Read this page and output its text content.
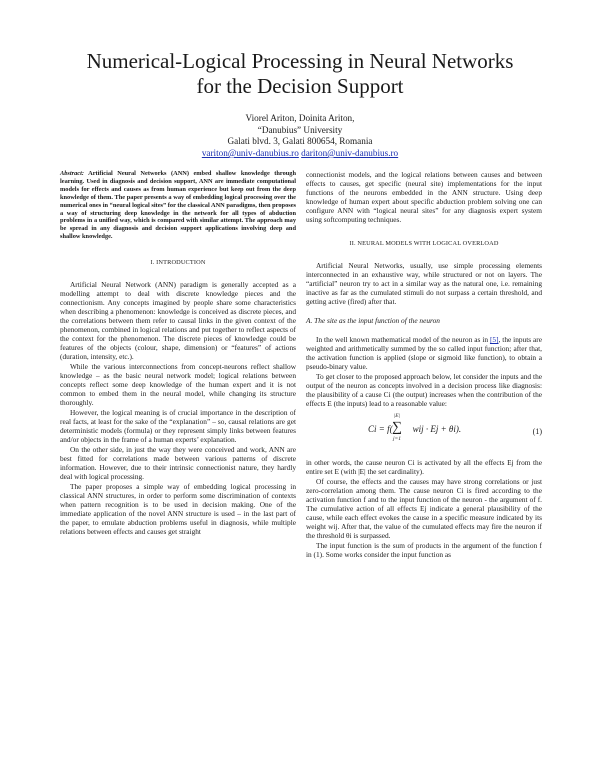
Numerical-Logical Processing in Neural Networks
for the Decision Support
Viorel Ariton, Doinita Ariton,
“Danubius” University
Galati blvd. 3, Galati 800654, Romania
variton@univ-danubius.ro dariton@univ-danubius.ro

Abstract: Artificial Neural Networks (ANN) embed shallow knowledge through learning. Used in diagnosis and decision support, ANN are immediate computational models for effects and causes as from human experience but keep out from the deep knowledge of them. The paper presents a way of embedding logical processing over the numerical ones in “neural logical sites” for the classical ANN paradigms, then proposes a way of structuring deep knowledge in the network for all types of abduction problems in a unified way, which is compared with similar attempt. The approach may be spread in any diagnosis and decision support applications involving deep and shallow knowledge.

I. INTRODUCTION

Artificial Neural Network (ANN) paradigm is generally accepted as a modelling attempt to deal with discrete knowledge pieces and the connectionism. Any concepts imagined by people share some characteristics when describing a phenomenon: knowledge is conceived as discrete pieces, and the correlations between them refer to causal links in the given context of the phenomenon, combined in logical relations and put together to reflect aspects of the context for the phenomenon. The discrete pieces of knowledge could be features of the objects (colour, shape, dimension) or “features” of actions (duration, intensity, etc.).

While the various interconnections from concept-neurons reflect shallow knowledge – as the basic neural network model; logical relations between concepts reflect some deep knowledge of the human expert and it is not common to embed them in the neural model, while changing its structure thoroughly.

However, the logical meaning is of crucial importance in the description of real facts, at least for the sake of the “explanation” – so, causal relations are get deterministic models (formula) or they represent simply links between features and/or objects in the frame of a human experts’ explanation.

On the other side, in just the way they were conceived and work, ANN are best fitted for correlations made between various patterns of discrete information. However, due to their intrinsic connectionist nature, they hardly deal with logical processing.

The paper proposes a simple way of embedding logical processing in classical ANN structures, in order to perform some discrimination of contexts when pattern recognition is to be used in decision making. One of the immediate application of the novel ANN structure is used – in the last part of the paper, to emulate abduction problems useful in diagnosis, while multiple relations between effects and causes get straight

connectionist models, and the logical relations between causes and between effects to causes, get specific (neural site) implementations for the input functions of the neurons embedded in the ANN structure. Using deep knowledge of human expert about specific abduction problem solving one can configure ANN with “logical neural sites” for any diagnosis expert system using softcomputing techniques.

II. NEURAL MODELS WITH LOGICAL OVERLOAD

Artificial Neural Networks, usually, use simple processing elements interconnected in an exhaustive way, while structured or not on layers. The “artificial” neuron try to act in a similar way as the natural one, i.e. remaining inactive as far as the cumulated stimuli do not surpass a certain threshold, and getting active (fired) after that.

A. The site as the input function of the neuron

In the well known mathematical model of the neuron as in [5], the inputs are weighted and arithmetically summed by the so called input function; after that, the activation function is applied (slope or sigmoid like function), to obtain a pseudo-binary value.

To get closer to the proposed approach below, let consider the inputs and the output of the neuron as concepts involved in a decision process like diagnosis: the plausibility of a cause Ci (the output) increases when the contribution of the effects E (the inputs) lead to a reasonable value:

Ci = f( wij · Ej + θi).
|E|
∑
j=1
(1)

in other words, the cause neuron Ci is activated by all the effects Ej from the entire set E (with |E| the set cardinality).

Of course, the effects and the causes may have strong correlations or just zero-correlation among them. The cause neuron Ci is fired according to the activation function f and to the input function of the neuron - the argument of f. The cumulative action of all effects Ej indicate a general plausibility of the cause, while each effect evokes the cause in a specific measure indicated by its weight wij. After that, the value of the cumulated effects may fire the neuron if the threshold θi is surpassed.

The input function is the sum of products in the argument of the function f in (1). Some works consider the input function as
